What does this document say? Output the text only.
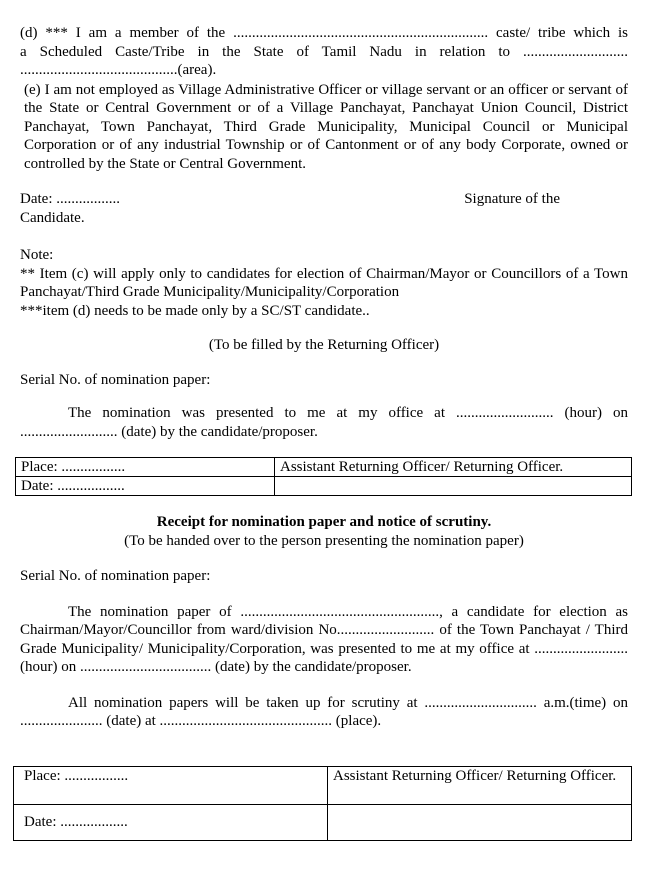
(d) *** I am a member of the .................................................................... caste/ tribe which is

a Scheduled Caste/Tribe in the State of Tamil Nadu in relation to ............................

..........................................(area).

(e) I am not employed as Village Administrative Officer or village servant or an officer or servant of the State or Central Government or of a Village Panchayat, Panchayat Union Council, District Panchayat, Town Panchayat, Third Grade Municipality, Municipal Council or Municipal Corporation or of any industrial Township or of Cantonment or of any body Corporate, owned or controlled by the State or Central Government.

Date: .................	Signature of the

Candidate.

Note:

** Item (c) will apply only to candidates for election of Chairman/Mayor or Councillors of a Town Panchayat/Third Grade Municipality/Municipality/Corporation

***item (d) needs to be made only by a SC/ST candidate..

(To be filled by the Returning Officer)

Serial No. of nomination paper:

The nomination was presented to me at my office at .......................... (hour) on .......................... (date) by the candidate/proposer.

Place: .................	Assistant Returning Officer/ Returning Officer.
Date: ..................	

Receipt for nomination paper and notice of scrutiny.

(To be handed over to the person presenting the nomination paper)

Serial No. of nomination paper:

The nomination paper of ....................................................., a candidate for election as Chairman/Mayor/Councillor from ward/division No.......................... of the Town Panchayat / Third Grade Municipality/ Municipality/Corporation, was presented to me at my office at ......................... (hour) on ................................... (date) by the candidate/proposer.

All nomination papers will be taken up for scrutiny at .............................. a.m.(time) on ...................... (date) at .............................................. (place).

Place: .................	Assistant Returning Officer/ Returning Officer.
Date: ..................	
